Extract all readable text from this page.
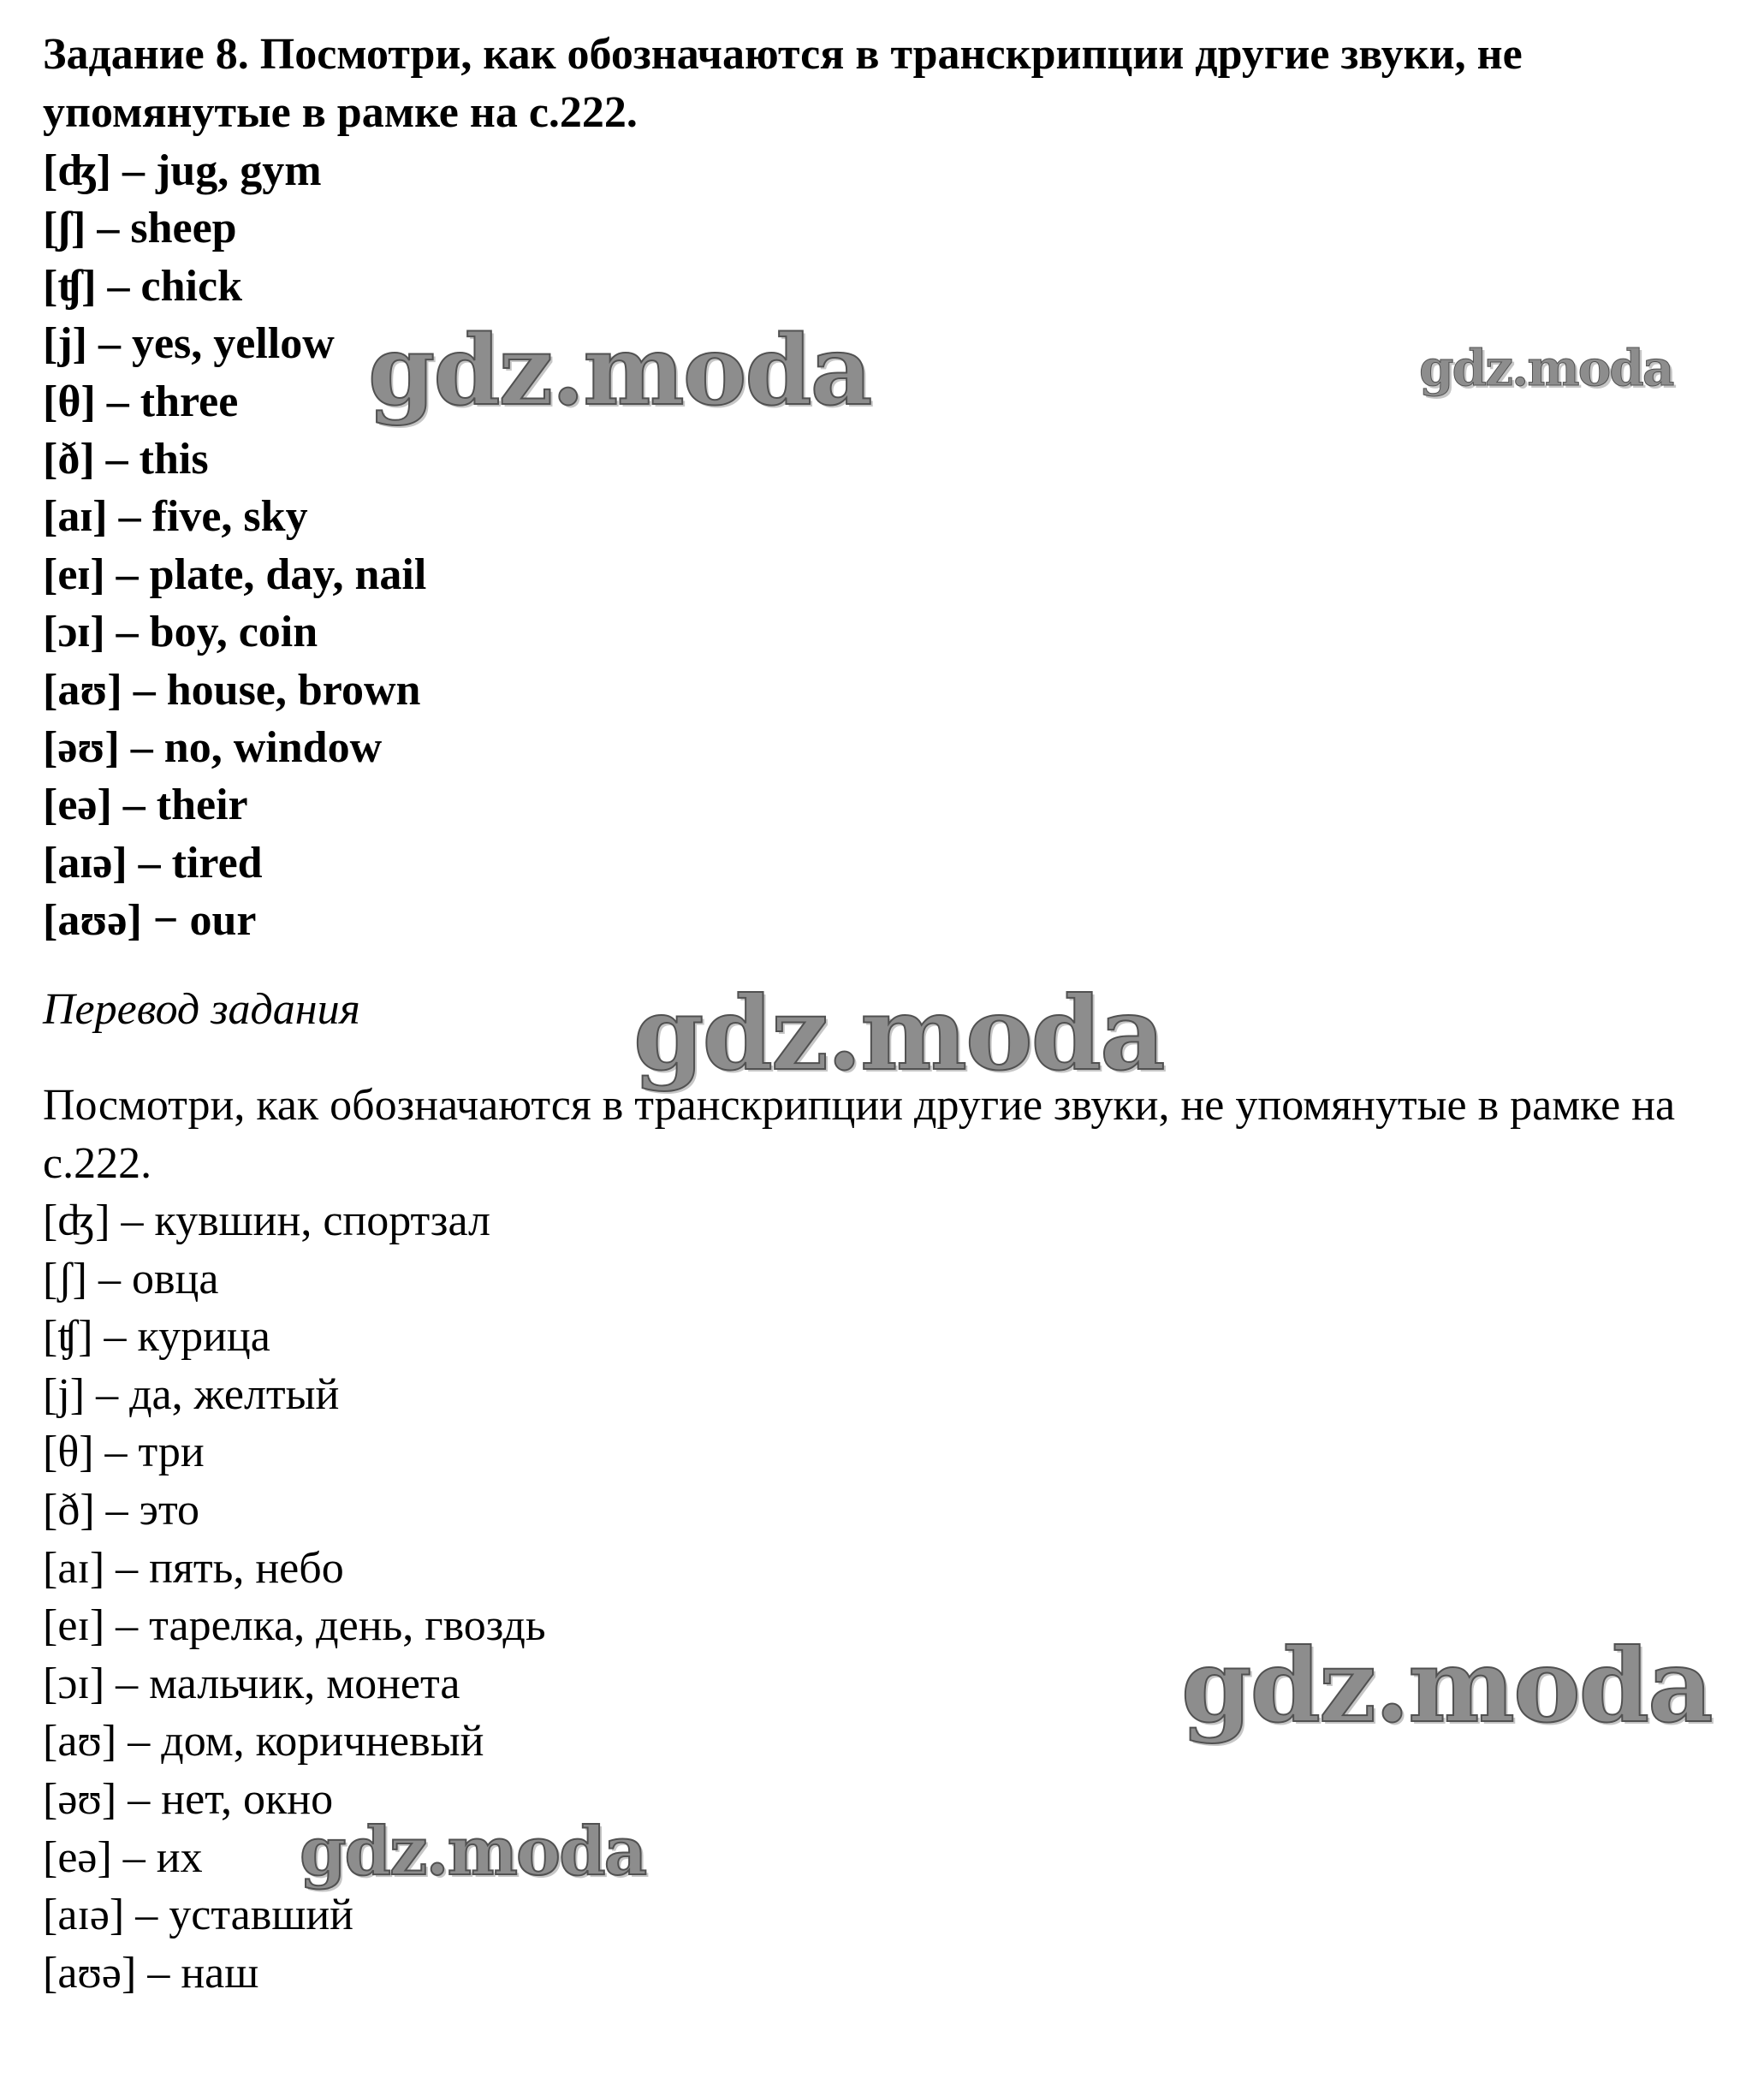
Задание 8. Посмотри, как обозначаются в транскрипции другие звуки, не упомянутые в рамке на с.222.
[ʤ] – jug, gym
[ʃ] – sheep
[ʧ] – chick
[j] – yes, yellow
[θ] – three
[ð] – this
[aɪ] – five, sky
[eɪ] – plate, day, nail
[ɔɪ] – boy, coin
[aʊ] – house, brown
[əʊ] – no, window
[eə] – their
[aɪə] – tired
[aʊə] − our
Перевод задания
Посмотри, как обозначаются в транскрипции другие звуки, не упомянутые в рамке на с.222.
[ʤ] – кувшин, спортзал
[ʃ] – овца
[ʧ] – курица
[j] – да, желтый
[θ] – три
[ð] – это
[aɪ] – пять, небо
[eɪ] – тарелка, день, гвоздь
[ɔɪ] – мальчик, монета
[aʊ] – дом, коричневый
[əʊ] – нет, окно
[eə] – их
[aɪə] – уставший
[aʊə] – наш
gdz.moda	gdz.moda
gdz.moda
gdz.moda
gdz.moda
